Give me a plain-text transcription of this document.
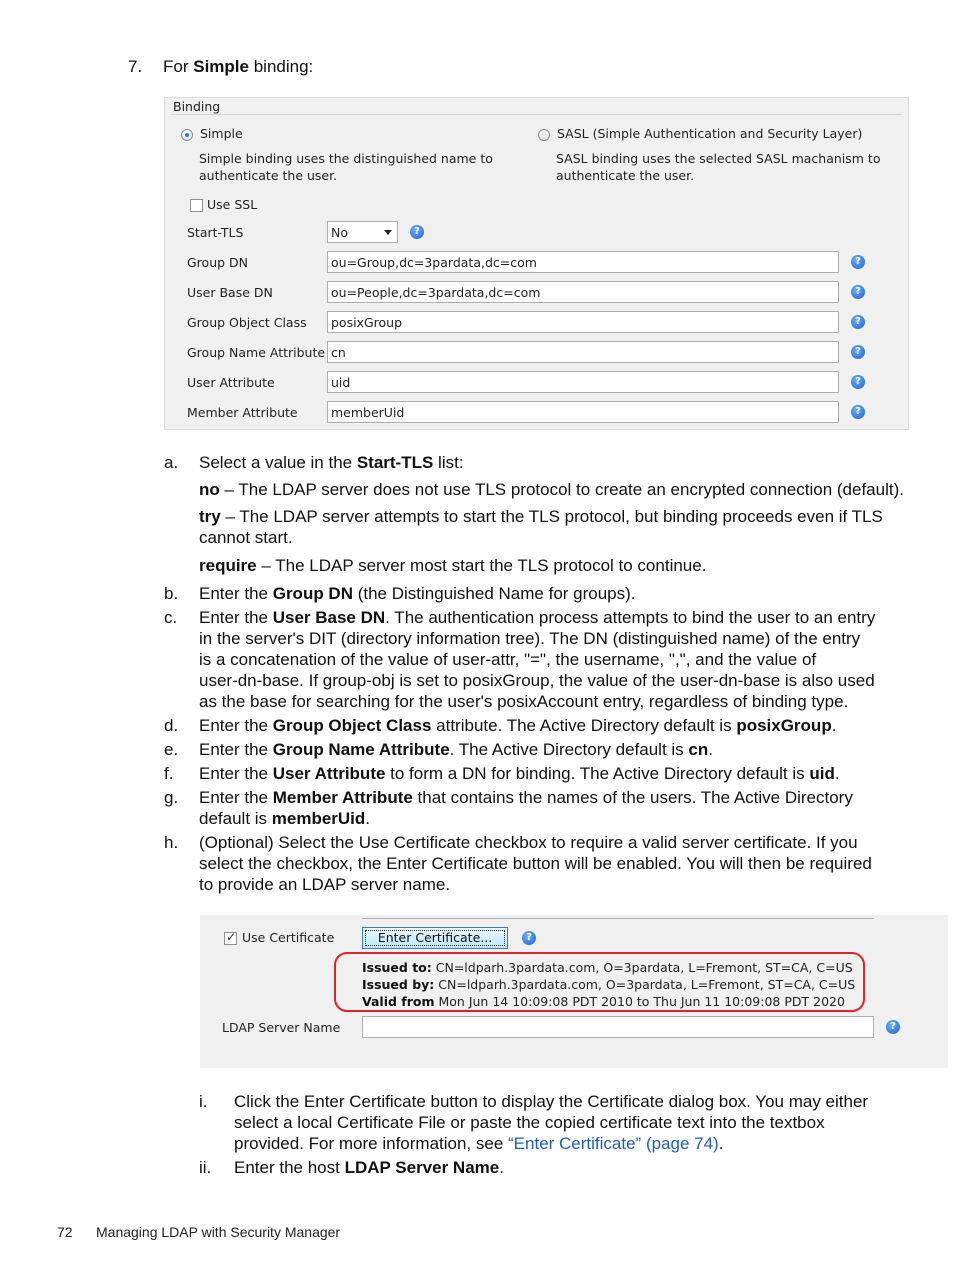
7. For Simple binding:
Binding
Simple
Simple binding uses the distinguished name to
authenticate the user.
SASL (Simple Authentication and Security Layer)
SASL binding uses the selected SASL machanism to
authenticate the user.
Use SSL
Start-TLS	No	?
Group DN	ou=Group,dc=3pardata,dc=com	?
User Base DN	ou=People,dc=3pardata,dc=com	?
Group Object Class	posixGroup	?
Group Name Attribute cn	?
User Attribute	uid	?
Member Attribute	memberUid	?
a. Select a value in the Start-TLS list:
no – The LDAP server does not use TLS protocol to create an encrypted connection (default).
try – The LDAP server attempts to start the TLS protocol, but binding proceeds even if TLS
cannot start.
require – The LDAP server most start the TLS protocol to continue.
b. Enter the Group DN (the Distinguished Name for groups).
c. Enter the User Base DN. The authentication process attempts to bind the user to an entry
in the server's DIT (directory information tree). The DN (distinguished name) of the entry
is a concatenation of the value of user-attr, "=", the username, ",", and the value of
user-dn-base. If group-obj is set to posixGroup, the value of the user-dn-base is also used
as the base for searching for the user's posixAccount entry, regardless of binding type.
d. Enter the Group Object Class attribute. The Active Directory default is posixGroup.
e. Enter the Group Name Attribute. The Active Directory default is cn.
f. Enter the User Attribute to form a DN for binding. The Active Directory default is uid.
g. Enter the Member Attribute that contains the names of the users. The Active Directory
default is memberUid.
h. (Optional) Select the Use Certificate checkbox to require a valid server certificate. If you
select the checkbox, the Enter Certificate button will be enabled. You will then be required
to provide an LDAP server name.
✓
Use Certificate	Enter Certificate...	?
Issued to: CN=ldparh.3pardata.com, O=3pardata, L=Fremont, ST=CA, C=US
Issued by: CN=ldparh.3pardata.com, O=3pardata, L=Fremont, ST=CA, C=US
Valid from Mon Jun 14 10:09:08 PDT 2010 to Thu Jun 11 10:09:08 PDT 2020
LDAP Server Name	?
i. Click the Enter Certificate button to display the Certificate dialog box. You may either
select a local Certificate File or paste the copied certificate text into the textbox
provided. For more information, see “Enter Certificate” (page 74).
ii. Enter the host LDAP Server Name.
72 Managing LDAP with Security Manager
